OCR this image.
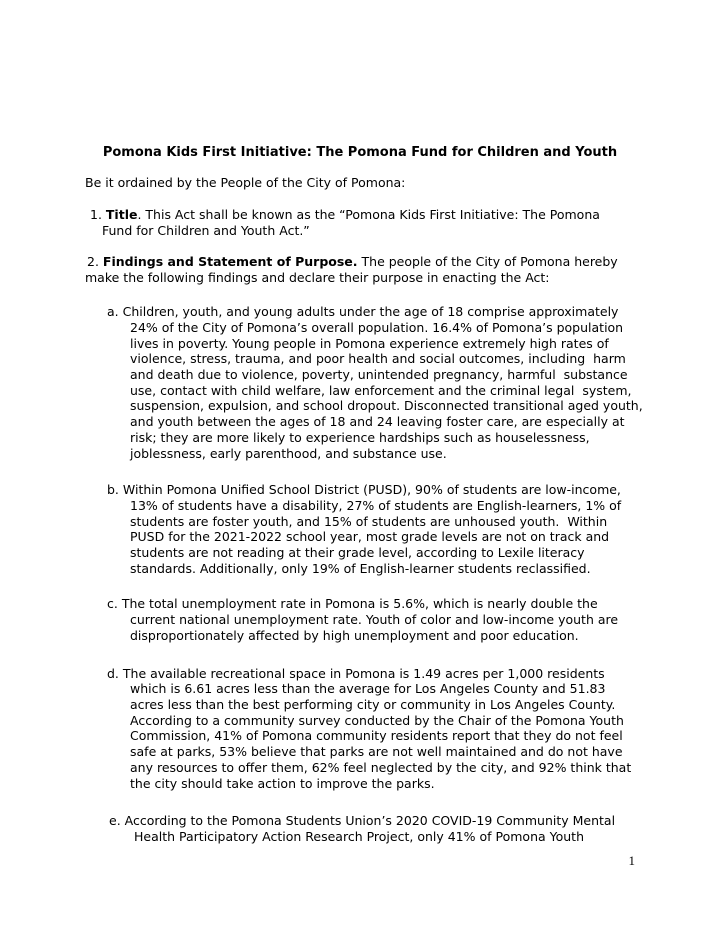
Pomona Kids First Initiative: The Pomona Fund for Children and Youth
Be it ordained by the People of the City of Pomona:
1. Title. This Act shall be known as the “Pomona Kids First Initiative: The Pomona
Fund for Children and Youth Act.”
2. Findings and Statement of Purpose. The people of the City of Pomona hereby
make the following findings and declare their purpose in enacting the Act:
a. Children, youth, and young adults under the age of 18 comprise approximately
24% of the City of Pomona’s overall population. 16.4% of Pomona’s population
lives in poverty. Young people in Pomona experience extremely high rates of
violence, stress, trauma, and poor health and social outcomes, including  harm
and death due to violence, poverty, unintended pregnancy, harmful  substance
use, contact with child welfare, law enforcement and the criminal legal  system,
suspension, expulsion, and school dropout. Disconnected transitional aged youth,
and youth between the ages of 18 and 24 leaving foster care, are especially at
risk; they are more likely to experience hardships such as houselessness,
joblessness, early parenthood, and substance use.
b. Within Pomona Unified School District (PUSD), 90% of students are low-income,
13% of students have a disability, 27% of students are English-learners, 1% of
students are foster youth, and 15% of students are unhoused youth.  Within
PUSD for the 2021-2022 school year, most grade levels are not on track and
students are not reading at their grade level, according to Lexile literacy
standards. Additionally, only 19% of English-learner students reclassified.
c. The total unemployment rate in Pomona is 5.6%, which is nearly double the
current national unemployment rate. Youth of color and low-income youth are
disproportionately affected by high unemployment and poor education.
d. The available recreational space in Pomona is 1.49 acres per 1,000 residents
which is 6.61 acres less than the average for Los Angeles County and 51.83
acres less than the best performing city or community in Los Angeles County.
According to a community survey conducted by the Chair of the Pomona Youth
Commission, 41% of Pomona community residents report that they do not feel
safe at parks, 53% believe that parks are not well maintained and do not have
any resources to offer them, 62% feel neglected by the city, and 92% think that
the city should take action to improve the parks.
e. According to the Pomona Students Union’s 2020 COVID-19 Community Mental
Health Participatory Action Research Project, only 41% of Pomona Youth
1
